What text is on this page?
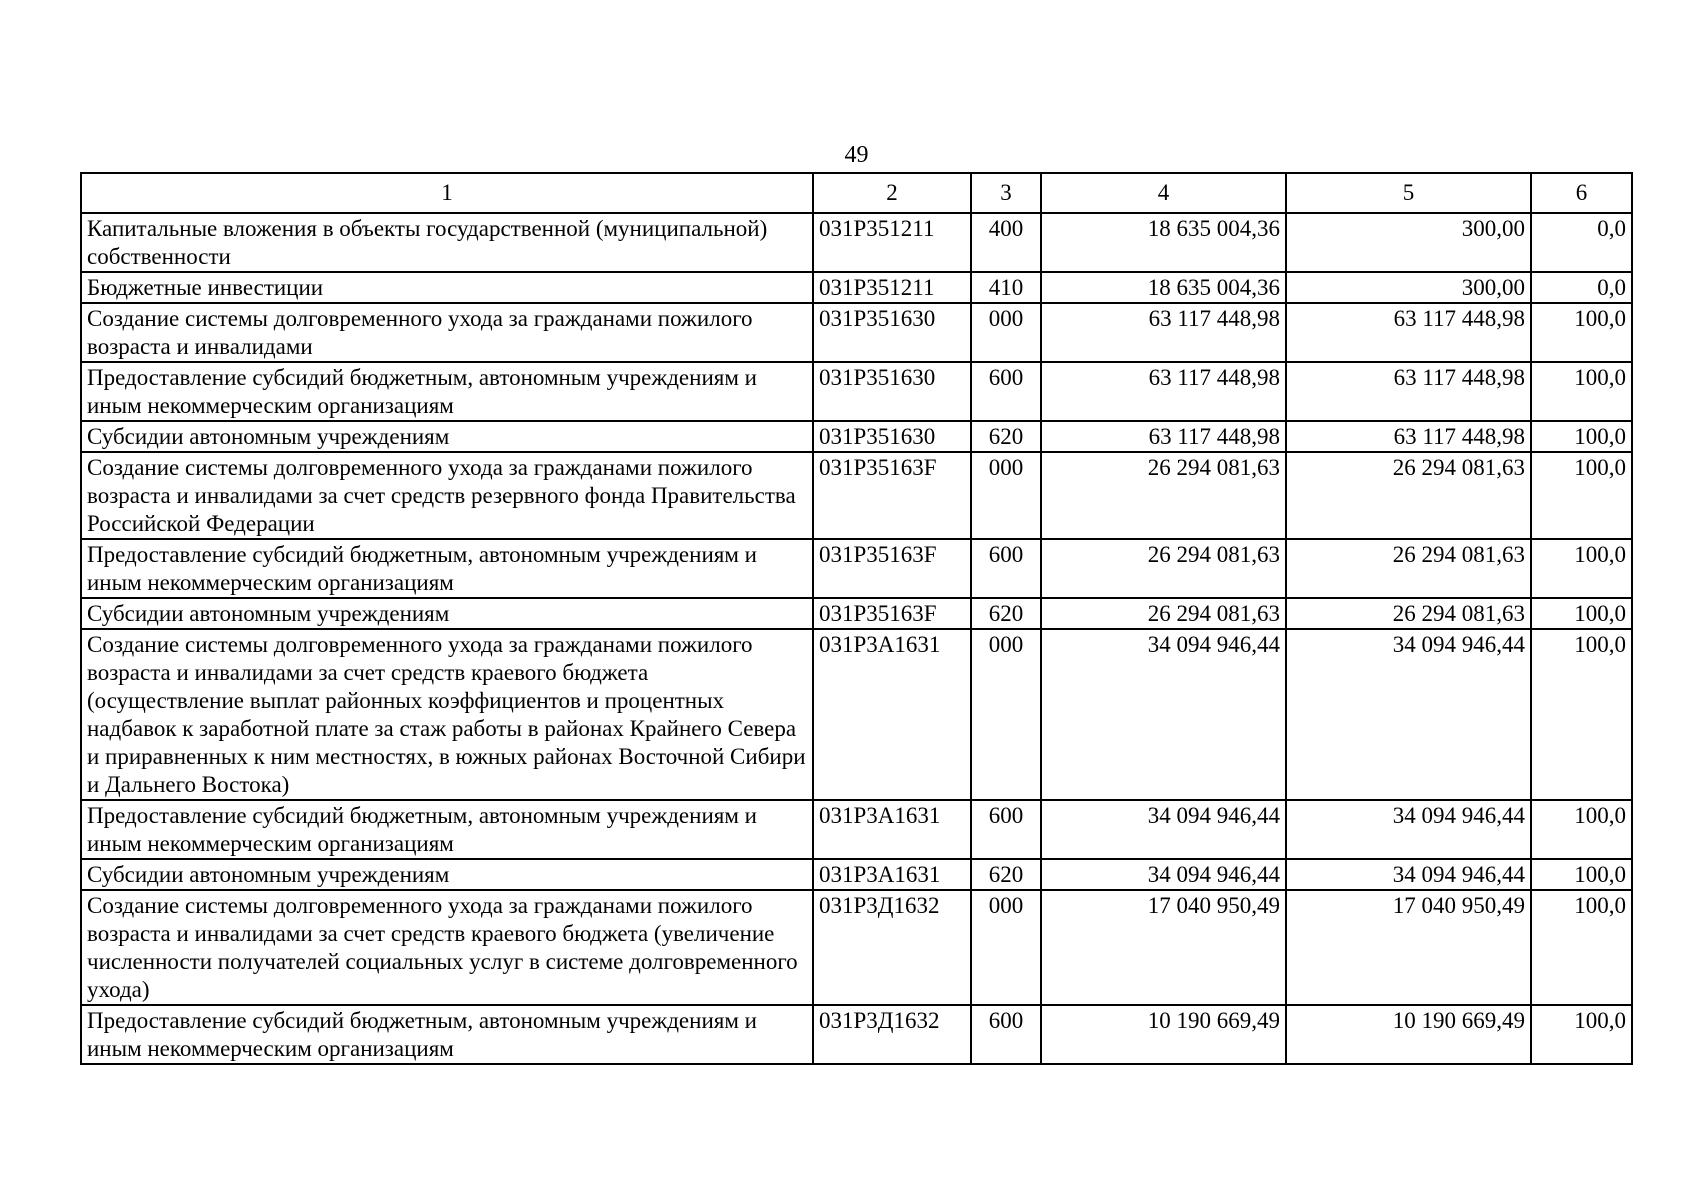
49
1	2	3	4	5	6
Капитальные вложения в объекты государственной (муниципальной) собственности	031Р351211	400	18 635 004,36	300,00	0,0
Бюджетные инвестиции	031Р351211	410	18 635 004,36	300,00	0,0
Создание системы долговременного ухода за гражданами пожилого возраста и инвалидами	031Р351630	000	63 117 448,98	63 117 448,98	100,0
Предоставление субсидий бюджетным, автономным учреждениям и иным некоммерческим организациям	031Р351630	600	63 117 448,98	63 117 448,98	100,0
Субсидии автономным учреждениям	031Р351630	620	63 117 448,98	63 117 448,98	100,0
Создание системы долговременного ухода за гражданами пожилого возраста и инвалидами за счет средств резервного фонда Правительства Российской Федерации	031Р35163F	000	26 294 081,63	26 294 081,63	100,0
Предоставление субсидий бюджетным, автономным учреждениям и иным некоммерческим организациям	031Р35163F	600	26 294 081,63	26 294 081,63	100,0
Субсидии автономным учреждениям	031Р35163F	620	26 294 081,63	26 294 081,63	100,0
Создание системы долговременного ухода за гражданами пожилого возраста и инвалидами за счет средств краевого бюджета (осуществление выплат районных коэффициентов и процентных надбавок к заработной плате за стаж работы в районах Крайнего Севера и приравненных к ним местностях, в южных районах Восточной Сибири и Дальнего Востока)	031Р3А1631	000	34 094 946,44	34 094 946,44	100,0
Предоставление субсидий бюджетным, автономным учреждениям и иным некоммерческим организациям	031Р3А1631	600	34 094 946,44	34 094 946,44	100,0
Субсидии автономным учреждениям	031Р3А1631	620	34 094 946,44	34 094 946,44	100,0
Создание системы долговременного ухода за гражданами пожилого возраста и инвалидами за счет средств краевого бюджета (увеличение численности получателей социальных услуг в системе долговременного ухода)	031Р3Д1632	000	17 040 950,49	17 040 950,49	100,0
Предоставление субсидий бюджетным, автономным учреждениям и иным некоммерческим организациям	031Р3Д1632	600	10 190 669,49	10 190 669,49	100,0
